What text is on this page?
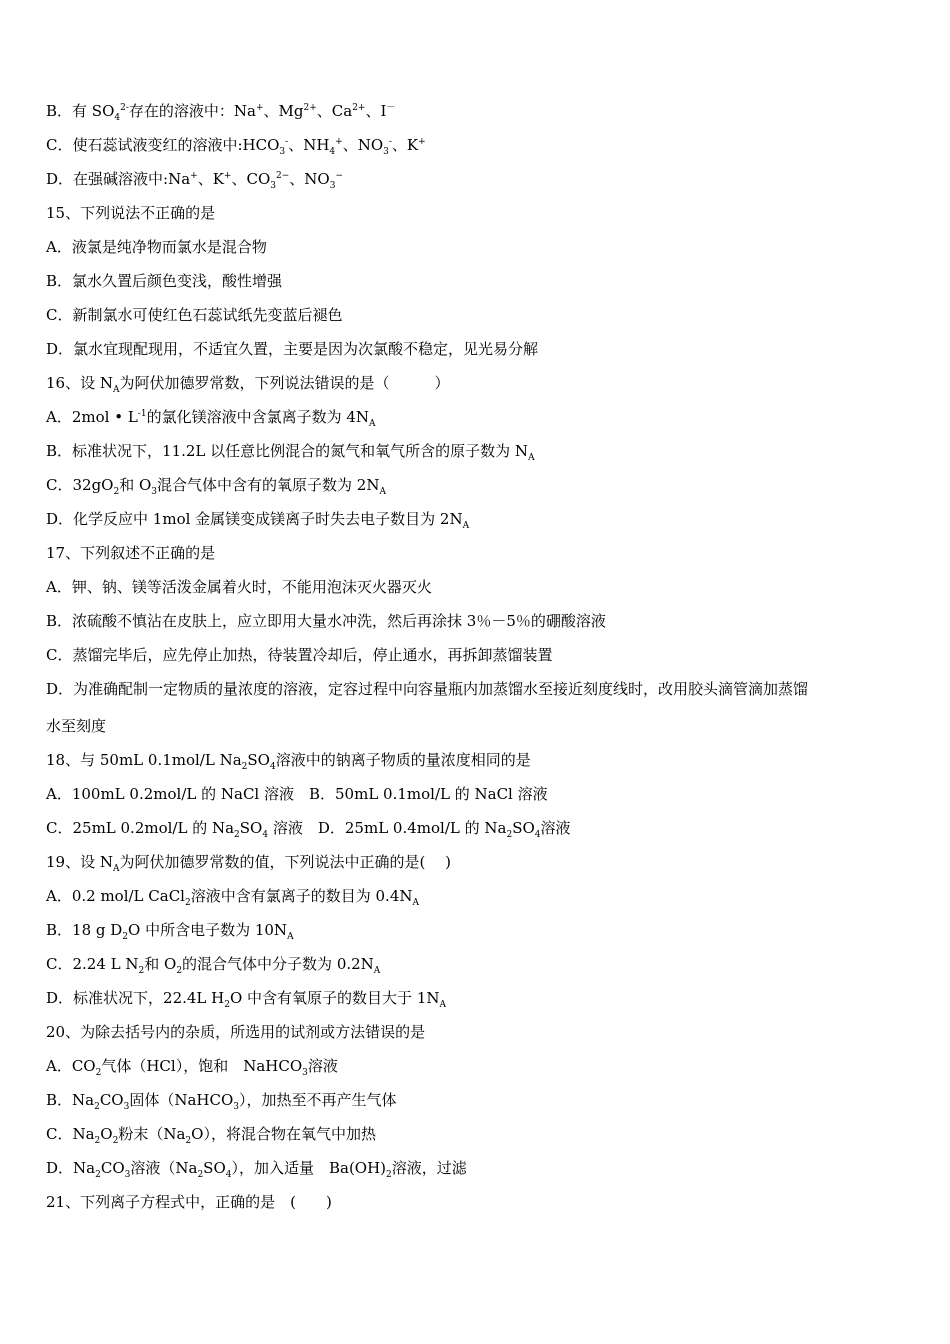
B．有 $SO_4^{2-}$存在的溶液中：Na+、$Mg^{2+}$、$Ca^{2+}$、I－
C．使石蕊试液变红的溶液中$:HCO_3^-$、$NH_4^+$、$NO_3^-$、K+
D．在强碱溶液中:Na+、K+、$CO_3^{2-}$、$NO_3^-$
15、下列说法不正确的是
A．液氯是纯净物而氯水是混合物
B．氯水久置后颜色变浅，酸性增强
C．新制氯水可使红色石蕊试纸先变蓝后褪色
D．氯水宜现配现用，不适宜久置，主要是因为次氯酸不稳定，见光易分解
16、设 $N_A$为阿伏加德罗常数，下列说法错误的是（　　　）
A．2mol • $L^{-1}$的氯化镁溶液中含氯离子数为 $4N_A$
B．标准状况下，11.2L 以任意比例混合的氮气和氧气所含的原子数为 $N_A$
C．$32gO_2$和 $O_3$混合气体中含有的氧原子数为 $2N_A$
D．化学反应中 1mol 金属镁变成镁离子时失去电子数目为 $2N_A$
17、下列叙述不正确的是
A．钾、钠、镁等活泼金属着火时，不能用泡沫灭火器灭火
B．浓硫酸不慎沾在皮肤上，应立即用大量水冲洗，然后再涂抹 3％－5％的硼酸溶液
C．蒸馏完毕后，应先停止加热，待装置冷却后，停止通水，再拆卸蒸馏装置
D．为准确配制一定物质的量浓度的溶液，定容过程中向容量瓶内加蒸馏水至接近刻度线时，改用胶头滴管滴加蒸馏
水至刻度
18、与 50mL 0.1mol/L $Na_2SO_4$溶液中的钠离子物质的量浓度相同的是
A．100mL 0.2mol/L 的 NaCl 溶液　B．50mL 0.1mol/L 的 NaCl 溶液
C．25mL 0.2mol/L 的 $Na_2SO_4$ 溶液　D．25mL 0.4mol/L 的 $Na_2SO_4$溶液
19、设 $N_A$为阿伏加德罗常数的值，下列说法中正确的是(　 )
A．0.2 mol/L CaCl$_2$溶液中含有氯离子的数目为 $0.4N_A$
B．18 g $D_2O$ 中所含电子数为 $10N_A$
C．2.24 L $N_2$和 $O_2$的混合气体中分子数为 $0.2N_A$
D．标准状况下，22.4L $H_2O$ 中含有氧原子的数目大于 $1N_A$
20、为除去括号内的杂质，所选用的试剂或方法错误的是
A．$CO_2$气体（HCl），饱和　NaHCO$_3$溶液
B．$Na_2CO_3$固体（NaHCO$_3$），加热至不再产生气体
C．$Na_2O_2$粉末$(Na_2O)$，将混合物在氧气中加热
D．$Na_2CO_3$溶液$(Na_2SO_4)$，加入适量　$Ba(OH)_2$溶液，过滤
21、下列离子方程式中，正确的是　(　　)
